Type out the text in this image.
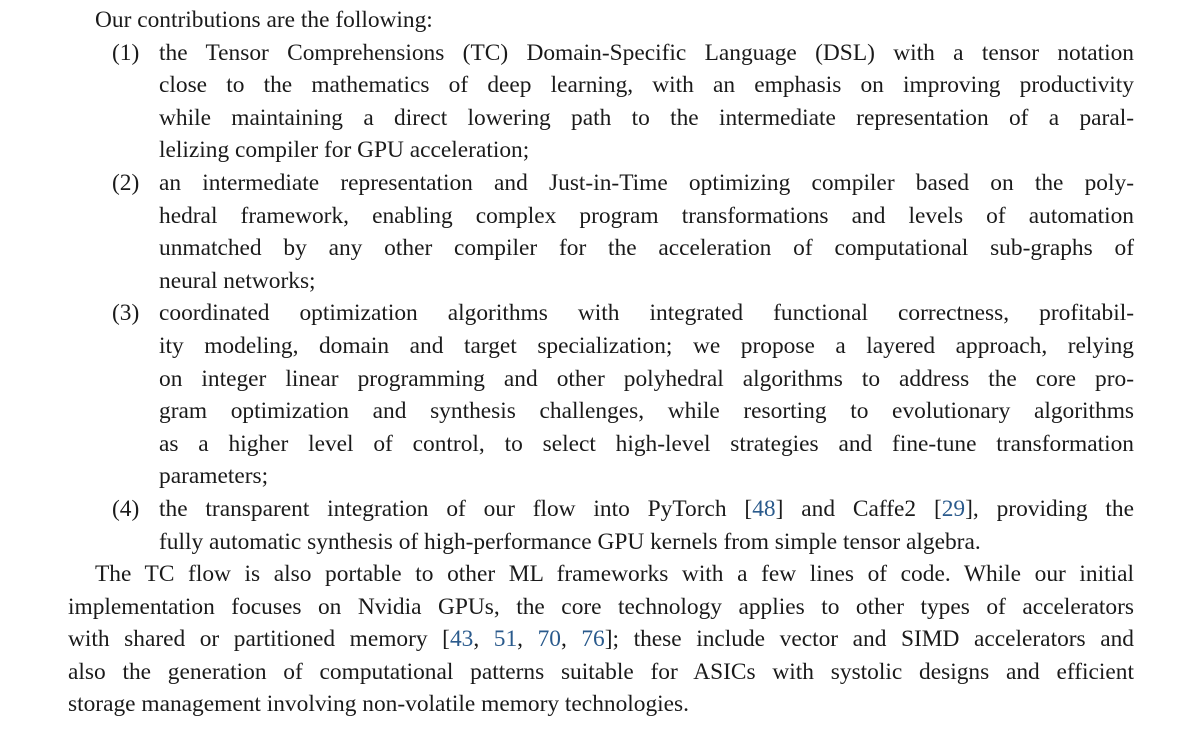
Our contributions are the following:
(1) the Tensor Comprehensions (TC) Domain-Specific Language (DSL) with a tensor notation
close to the mathematics of deep learning, with an emphasis on improving productivity
while maintaining a direct lowering path to the intermediate representation of a paral-
lelizing compiler for GPU acceleration;
(2) an intermediate representation and Just-in-Time optimizing compiler based on the poly-
hedral framework, enabling complex program transformations and levels of automation
unmatched by any other compiler for the acceleration of computational sub-graphs of
neural networks;
(3) coordinated optimization algorithms with integrated functional correctness, profitabil-
ity modeling, domain and target specialization; we propose a layered approach, relying
on integer linear programming and other polyhedral algorithms to address the core pro-
gram optimization and synthesis challenges, while resorting to evolutionary algorithms
as a higher level of control, to select high-level strategies and fine-tune transformation
parameters;
(4) the transparent integration of our flow into PyTorch [48] and Caffe2 [29], providing the
fully automatic synthesis of high-performance GPU kernels from simple tensor algebra.
The TC flow is also portable to other ML frameworks with a few lines of code. While our initial
implementation focuses on Nvidia GPUs, the core technology applies to other types of accelerators
with shared or partitioned memory [43, 51, 70, 76]; these include vector and SIMD accelerators and
also the generation of computational patterns suitable for ASICs with systolic designs and efficient
storage management involving non-volatile memory technologies.
